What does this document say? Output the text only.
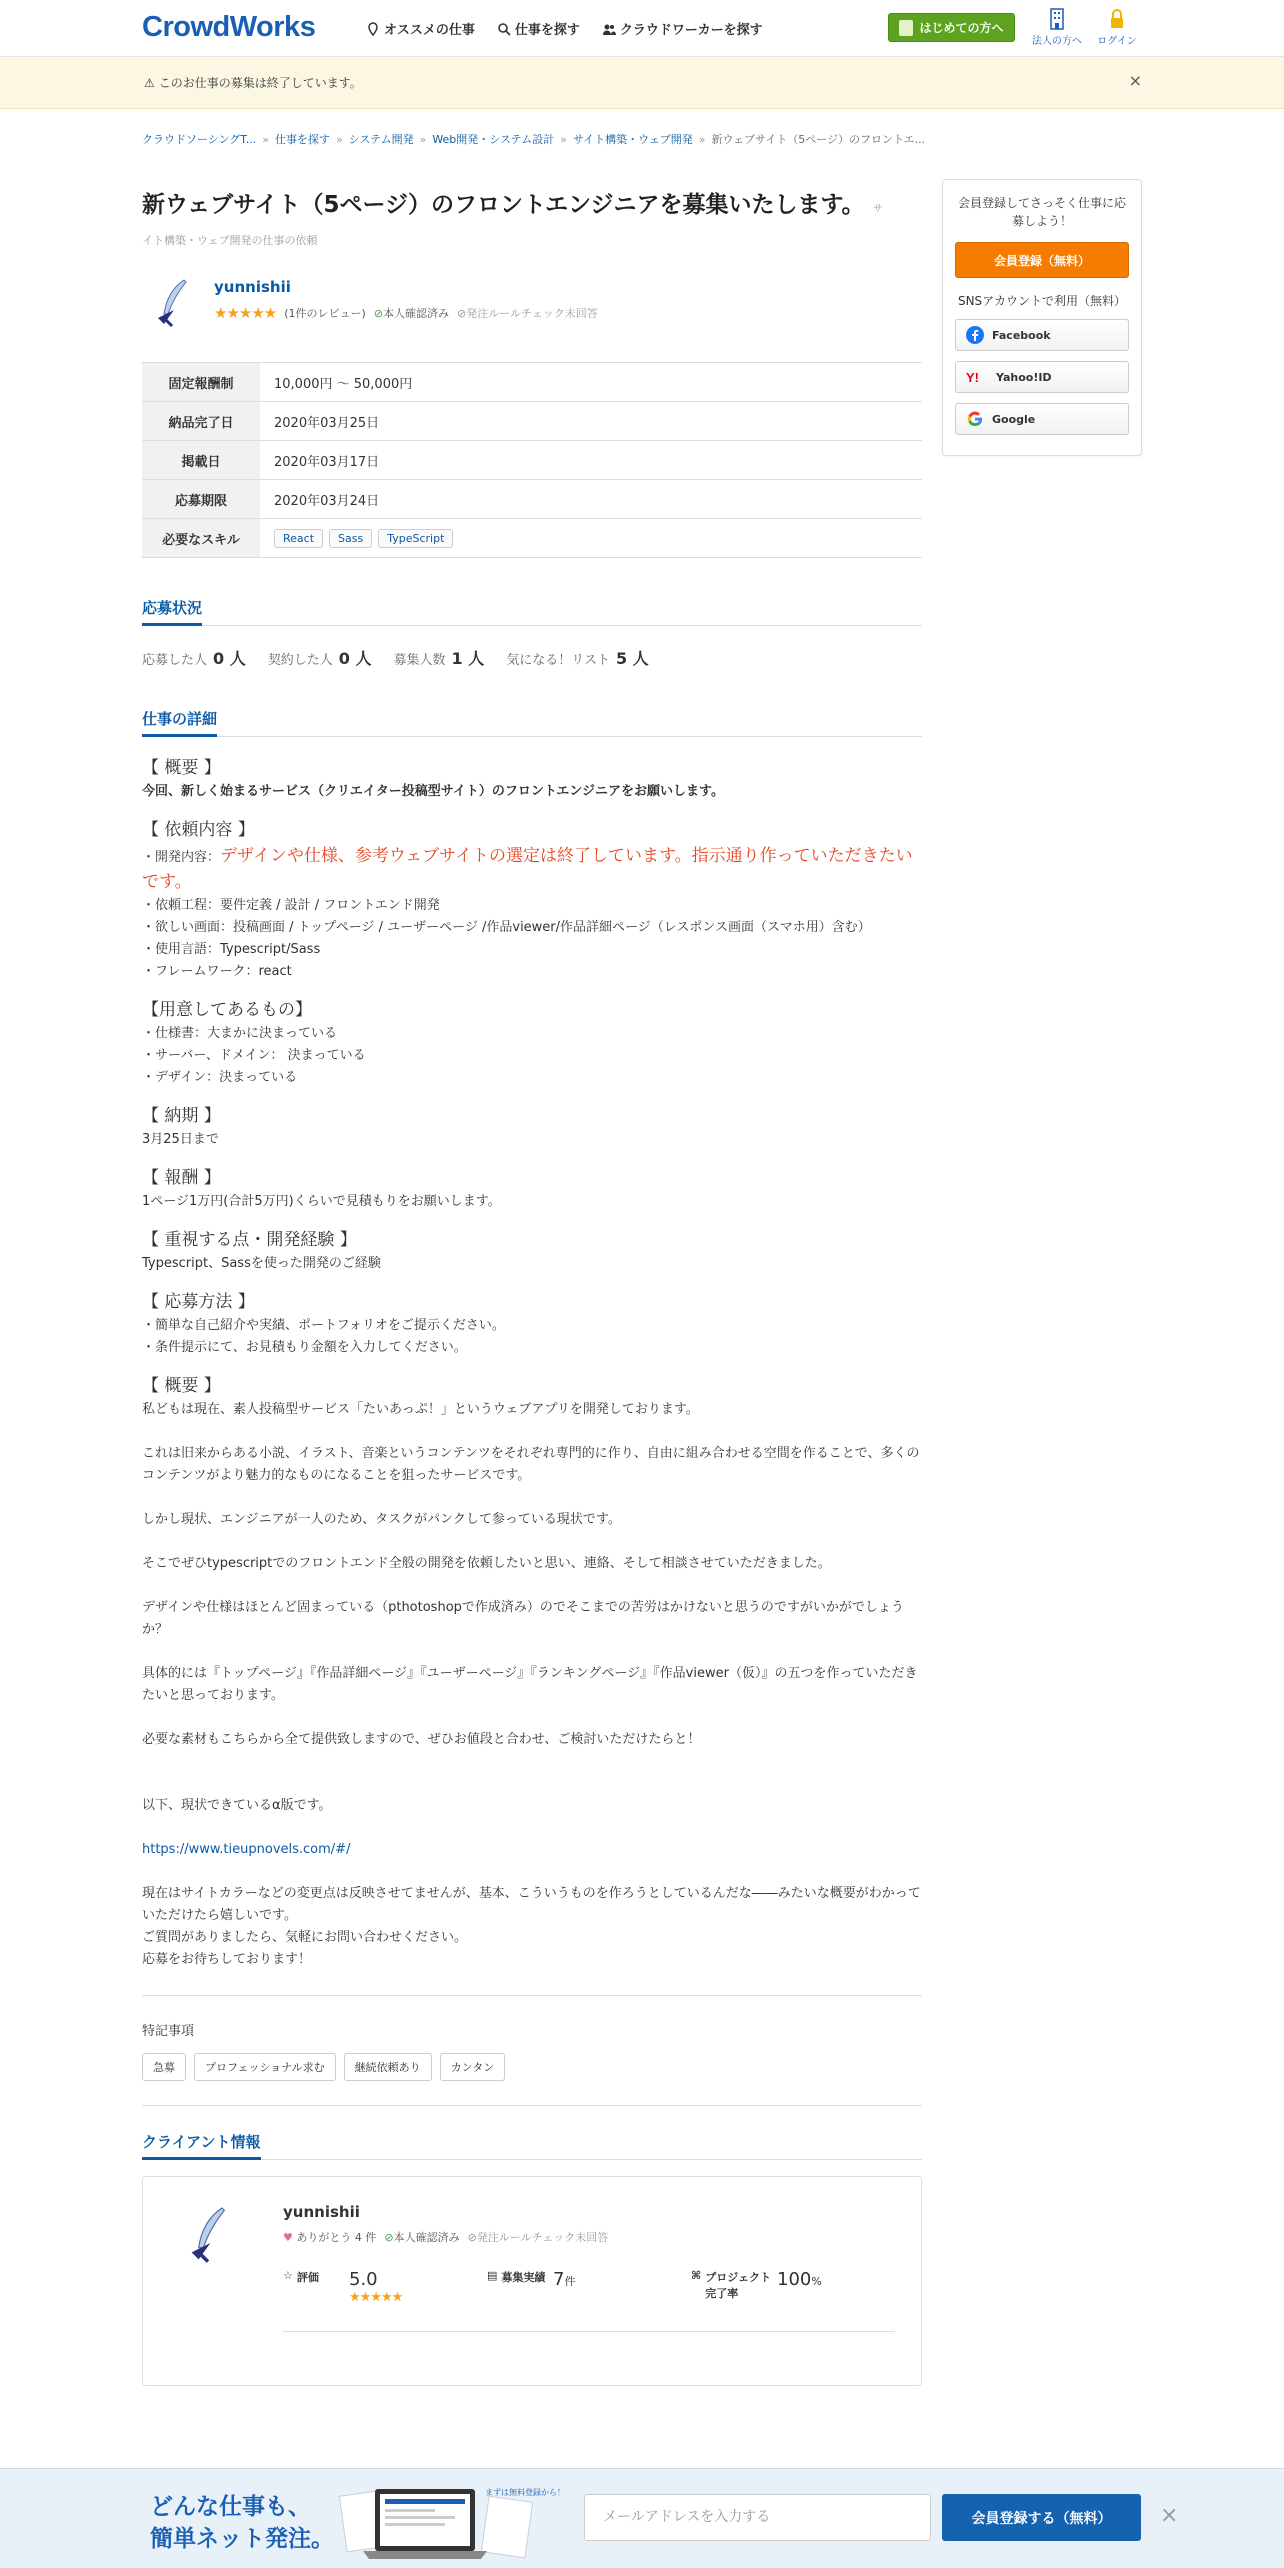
CrowdWorks	オススメの仕事	仕事を探す	クラウドワーカーを探す	はじめての方へ
法人の方へ	ログイン
⚠ このお仕事の募集は終了しています。	×
クラウドソーシングT... » 仕事を探す » システム開発 » Web開発・システム設計 » サイト構築・ウェブ開発 » 新ウェブサイト（5ページ）のフロントエ...
新ウェブサイト（5ページ）のフロントエンジニアを募集いたします。 サ
イト構築・ウェブ開発の仕事の依頼
yunnishii
★★★★★ (1件のレビュー) ⊘本人確認済み ⊘発注ルールチェック未回答
固定報酬制	10,000円 〜 50,000円
納品完了日	2020年03月25日
掲載日	2020年03月17日
応募期限	2020年03月24日
必要なスキル	React	Sass	TypeScript
応募状況
応募した人 0 人 契約した人 0 人 募集人数 1 人 気になる！リスト 5 人
仕事の詳細
【 概要 】
今回、新しく始まるサービス（クリエイター投稿型サイト）のフロントエンジニアをお願いします。
【 依頼内容 】
・開発内容：デザインや仕様、参考ウェブサイトの選定は終了しています。指示通り作っていただきたいです。
・依頼工程：要件定義 / 設計 / フロントエンド開発
・欲しい画面：投稿画面 / トップページ / ユーザーページ /作品viewer/作品詳細ページ（レスポンス画面（スマホ用）含む）
・使用言語：Typescript/Sass
・フレームワーク：react
【用意してあるもの】
・仕様書：大まかに決まっている
・サーバー、ドメイン： 決まっている
・デザイン：決まっている
【 納期 】
3月25日まで
【 報酬 】
1ページ1万円(合計5万円)くらいで見積もりをお願いします。
【 重視する点・開発経験 】
Typescript、Sassを使った開発のご経験
【 応募方法 】
・簡単な自己紹介や実績、ポートフォリオをご提示ください。
・条件提示にて、お見積もり金額を入力してください。
【 概要 】
私どもは現在、素人投稿型サービス「たいあっぷ！」というウェブアプリを開発しております。
これは旧来からある小説、イラスト、音楽というコンテンツをそれぞれ専門的に作り、自由に組み合わせる空間を作ることで、多くのコンテンツがより魅力的なものになることを狙ったサービスです。
しかし現状、エンジニアが一人のため、タスクがパンクして参っている現状です。
そこでぜひtypescriptでのフロントエンド全般の開発を依頼したいと思い、連絡、そして相談させていただきました。
デザインや仕様はほとんど固まっている（pthotoshopで作成済み）のでそこまでの苦労はかけないと思うのですがいかがでしょうか？
具体的には『トップページ』『作品詳細ページ』『ユーザーページ』『ランキングページ』『作品viewer（仮）』の五つを作っていただきたいと思っております。
必要な素材もこちらから全て提供致しますので、ぜひお値段と合わせ、ご検討いただけたらと！
以下、現状できているα版です。
https://www.tieupnovels.com/#/
現在はサイトカラーなどの変更点は反映させてませんが、基本、こういうものを作ろうとしているんだな――みたいな概要がわかっていただけたら嬉しいです。
ご質問がありましたら、気軽にお問い合わせください。
応募をお待ちしております！
特記事項
急募	プロフェッショナル求む	継続依頼あり	カンタン
クライアント情報
yunnishii
♥ ありがとう 4 件 ⊘本人確認済み ⊘発注ルールチェック未回答
☆ 評価 5.0
★★★★★
▤ 募集実績 7件	⌘ プロジェクト完了率
100%
会員登録してさっそく仕事に応募しよう！
会員登録（無料）
SNSアカウントで利用（無料）
Facebook
Y! Yahoo!ID
Google
どんな仕事も、
簡単ネット発注。
まずは無料登録から！
メールアドレスを入力する	会員登録する（無料）	×
